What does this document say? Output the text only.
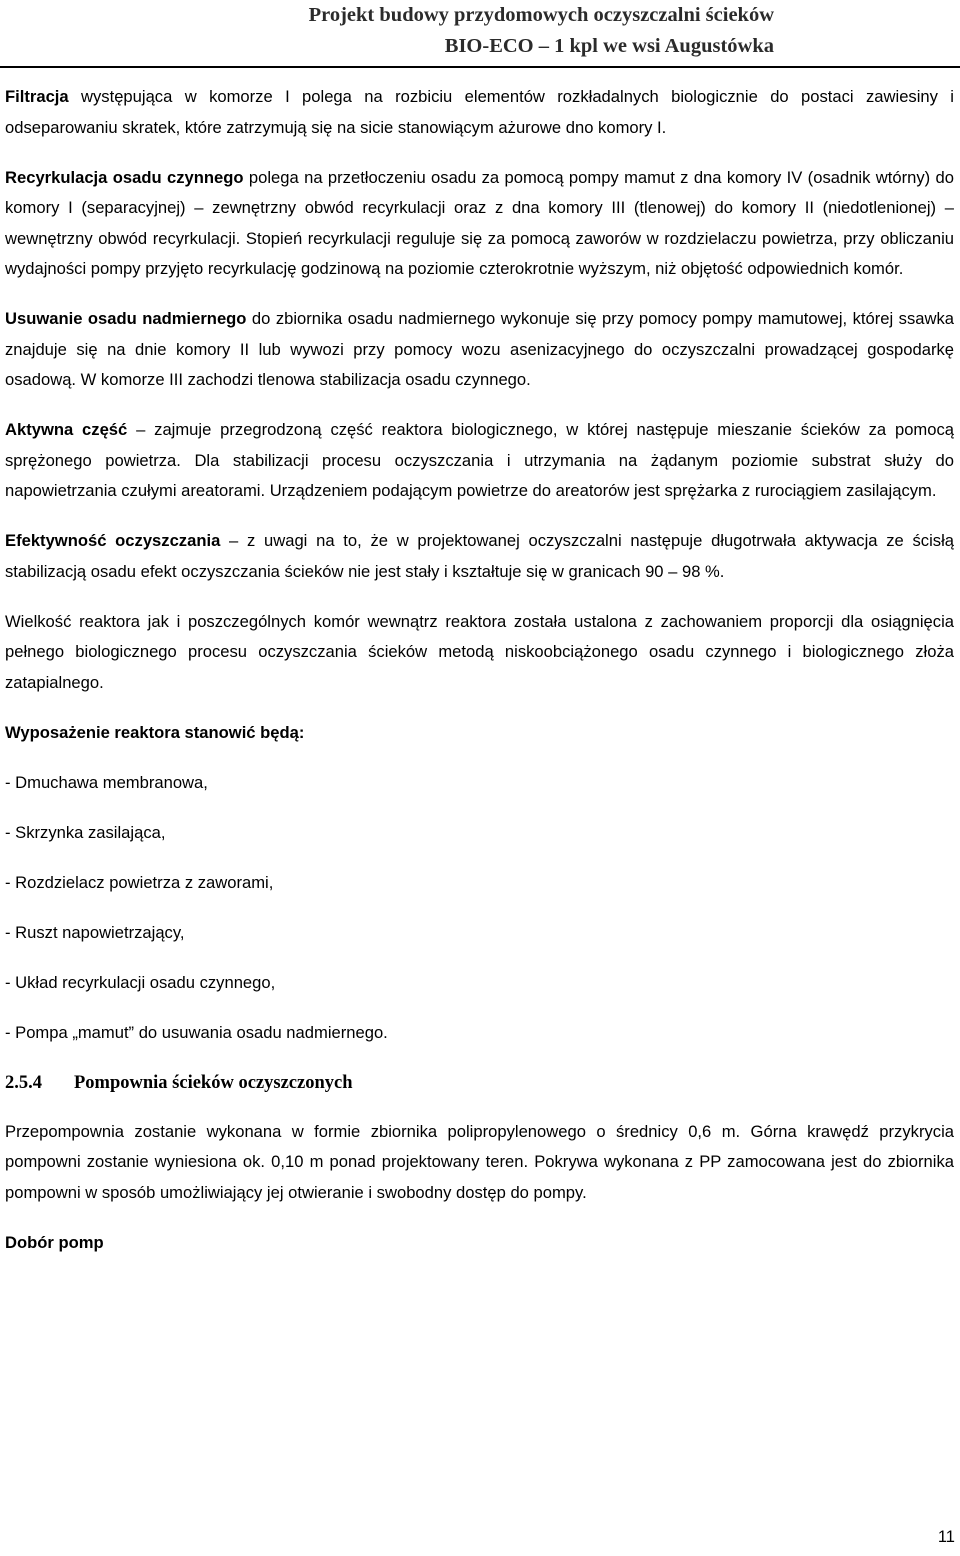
Projekt budowy przydomowych oczyszczalni ścieków
BIO-ECO – 1 kpl we wsi Augustówka

Filtracja występująca w komorze I polega na rozbiciu elementów rozkładalnych biologicznie do postaci zawiesiny i odseparowaniu skratek, które zatrzymują się na sicie stanowiącym ażurowe dno komory I.

Recyrkulacja osadu czynnego polega na przetłoczeniu osadu za pomocą pompy mamut z dna komory IV (osadnik wtórny) do komory I (separacyjnej) – zewnętrzny obwód recyrkulacji oraz z dna komory III (tlenowej) do komory II (niedotlenionej) – wewnętrzny obwód recyrkulacji. Stopień recyrkulacji reguluje się za pomocą zaworów w rozdzielaczu powietrza, przy obliczaniu wydajności pompy przyjęto recyrkulację godzinową na poziomie czterokrotnie wyższym, niż objętość odpowiednich komór.

Usuwanie osadu nadmiernego do zbiornika osadu nadmiernego wykonuje się przy pomocy pompy mamutowej, której ssawka znajduje się na dnie komory II lub wywozi przy pomocy wozu asenizacyjnego do oczyszczalni prowadzącej gospodarkę osadową. W komorze III zachodzi tlenowa stabilizacja osadu czynnego.

Aktywna część – zajmuje przegrodzoną część reaktora biologicznego, w której następuje mieszanie ścieków za pomocą sprężonego powietrza. Dla stabilizacji procesu oczyszczania i utrzymania na żądanym poziomie substrat służy do napowietrzania czułymi areatorami. Urządzeniem podającym powietrze do areatorów jest sprężarka z rurociągiem zasilającym.

Efektywność oczyszczania – z uwagi na to, że w projektowanej oczyszczalni następuje długotrwała aktywacja ze ścisłą stabilizacją osadu efekt oczyszczania ścieków nie jest stały i kształtuje się w granicach 90 – 98 %.

Wielkość reaktora jak i poszczególnych komór wewnątrz reaktora została ustalona z zachowaniem proporcji dla osiągnięcia pełnego biologicznego procesu oczyszczania ścieków metodą niskoobciążonego osadu czynnego i biologicznego złoża zatapialnego.

Wyposażenie reaktora stanowić będą:

- Dmuchawa membranowa,
- Skrzynka zasilająca,
- Rozdzielacz powietrza z zaworami,
- Ruszt napowietrzający,
- Układ recyrkulacji osadu czynnego,
- Pompa „mamut” do usuwania osadu nadmiernego.
2.5.4 Pompownia ścieków oczyszczonych

Przepompownia zostanie wykonana w formie zbiornika polipropylenowego o średnicy 0,6 m. Górna krawędź przykrycia pompowni zostanie wyniesiona ok. 0,10 m ponad projektowany teren. Pokrywa wykonana z PP zamocowana jest do zbiornika pompowni w sposób umożliwiający jej otwieranie i swobodny dostęp do pompy.

Dobór pomp

11
